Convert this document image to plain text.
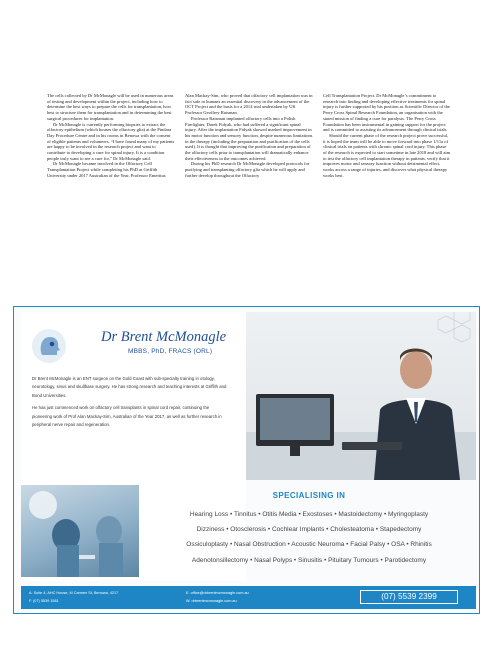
The cells collected by Dr McMonagle will be used in numerous areas of testing and development within the project, including how to determine the best ways to prepare the cells for transplantation, how best to structure them for transplantation and in determining the best surgical procedures for implantation.

Dr McMonagle is currently performing biopsies to extract the olfactory epithelium (which houses the olfactory glia) at the Pindara Day Procedure Centre and in his rooms in Benowa with the consent of eligible patients and volunteers. “I have found many of my patients are happy to be involved in the research project and want to contribute to developing a cure for spinal injury. It is a condition people truly want to see a cure for,” Dr McMonagle said.

Dr McMonagle became involved in the Olfactory Cell Transplantation Project while completing his PhD at Griffith University under 2017 Australian of the Year, Professor Emeritus

Alan Mackay-Sim, who proved that olfactory cell implantation was in fact safe in humans an essential discovery in the advancement of the OCT Project and the basis for a 2014 trial undertaken by UK Professor Geoffrey Raisman.

Professor Raisman implanted olfactory cells into a Polish Firefighter, Darek Fidyak, who had suffered a significant spinal injury. After the implantation Fidyak showed marked improvement in his motor function and sensory function, despite numerous limitations in the therapy (including the preparation and purification of the cells used). It is thought that improving the purification and preparation of the olfactory cells prior to transplantation will dramatically enhance their effectiveness in the outcomes achieved.

During his PhD research Dr McMonagle developed protocols for purifying and transplanting olfactory glia which he will apply and further develop throughout the Olfactory

Cell Transplantation Project. Dr McMonagle’s commitment to research into finding and developing effective treatments for spinal injury is further supported by his position as Scientific Director of the Perry Cross Spinal Research Foundation, an organisation with the stated mission of finding a cure for paralysis. The Perry Cross Foundation has been instrumental in gaining support for the project and is committed to assisting its advancement through clinical trials.

Should the current phase of the research project prove successful, it is hoped the team will be able to move forward into phase 1/11a of clinical trials on patients with chronic spinal cord injury. This phase of the research is expected to start sometime in late 2018 and will aim to test the olfactory cell implantation therapy in patients, verify that it improves motor and sensory function without detrimental effect, works across a range of injuries, and discover what physical therapy works best.

Dr Brent McMonagle
MBBS, PhD, FRACS (ORL)

Dr Brent McMonagle is an ENT surgeon on the Gold Coast with sub-specialty training in otology, neurotology, sinus and skullbase surgery. He has strong research and teaching interests at Griffith and Bond Universities.

He has just commenced work on olfactory cell transplants in spinal cord repair, continuing the pioneering work of Prof Alan Mackay-Sim, Australian of the Year 2017, as well as further research in peripheral nerve repair and regeneration.

SPECIALISING IN
Hearing Loss • Tinnitus • Otitis Media • Exostoses • Mastoidectomy • Myringoplasty
Dizziness • Otosclerosis • Cochlear Implants • Cholesteatoma • Stapedectomy
Ossiculoplasty • Nasal Obstruction • Acoustic Neuroma • Facial Palsy • OSA • Rhinitis
Adenotonsillectomy • Nasal Polyps • Sinusitis • Pituitary Tumours • Parotidectomy
A. Suite 4, AHC House, M Carmen St, Benowa, 4217
F. (07) 5539 1581
E. office@drbrentmcmonagle.com.au
W. drbrentmcmonagle.com.au	(07) 5539 2399
